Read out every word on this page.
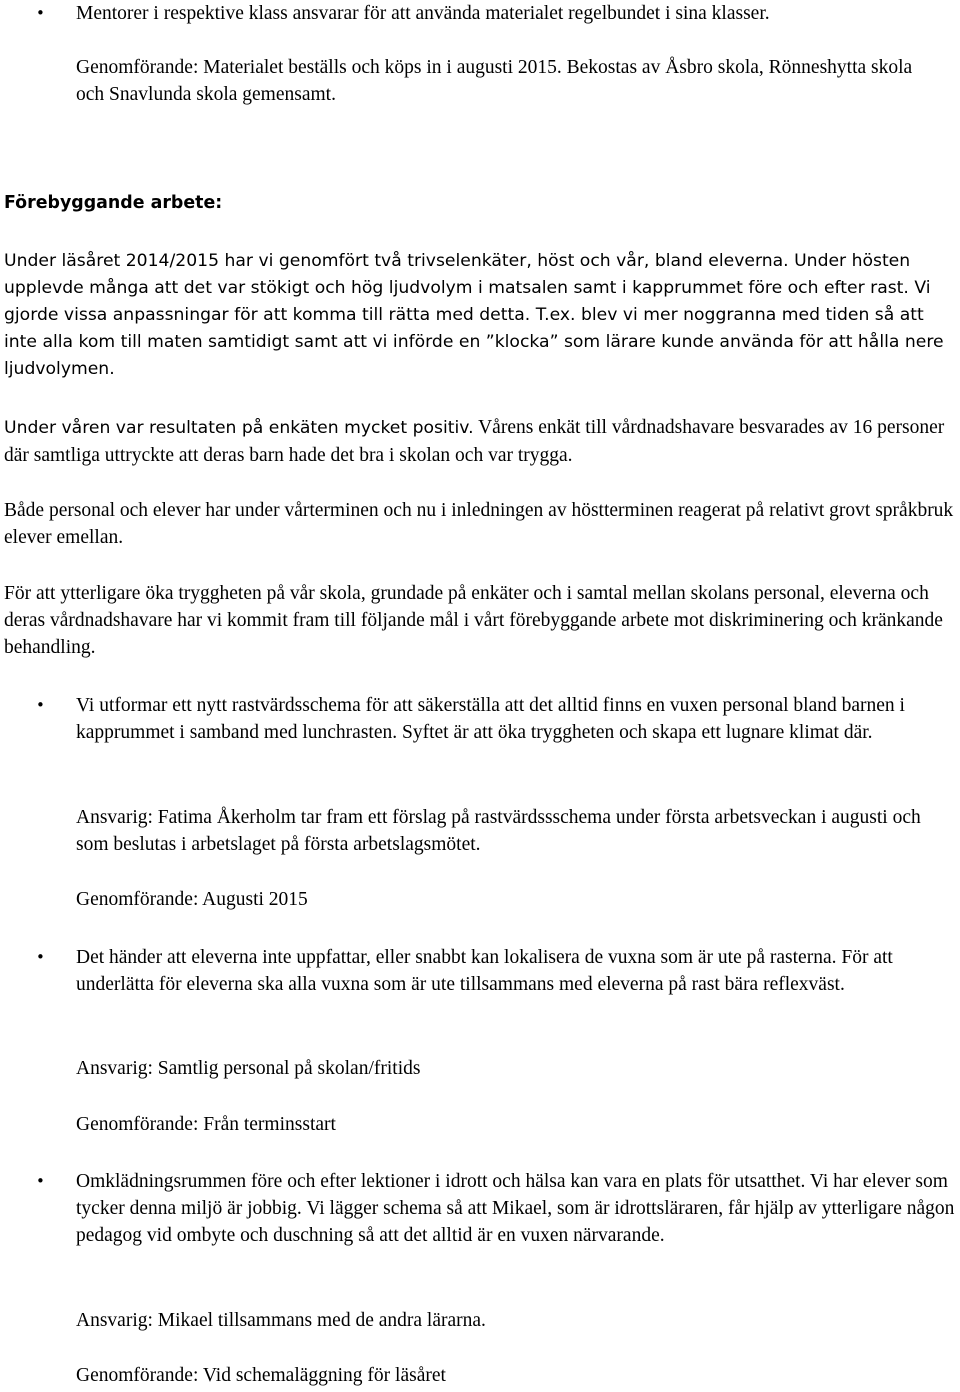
• Mentorer i respektive klass ansvarar för att använda materialet regelbundet i sina klasser.

Genomförande: Materialet beställs och köps in i augusti 2015. Bekostas av Åsbro skola, Rönneshytta skola och Snavlunda skola gemensamt.

Förebyggande arbete:

Under läsåret 2014/2015 har vi genomfört två trivselenkäter, höst och vår, bland eleverna. Under hösten upplevde många att det var stökigt och hög ljudvolym i matsalen samt i kapprummet före och efter rast. Vi gjorde vissa anpassningar för att komma till rätta med detta. T.ex. blev vi mer noggranna med tiden så att inte alla kom till maten samtidigt samt att vi införde en ”klocka” som lärare kunde använda för att hålla nere ljudvolymen.

Under våren var resultaten på enkäten mycket positiv. Vårens enkät till vårdnadshavare besvarades av 16 personer där samtliga uttryckte att deras barn hade det bra i skolan och var trygga.

Både personal och elever har under vårterminen och nu i inledningen av höstterminen reagerat på relativt grovt språkbruk elever emellan.

För att ytterligare öka tryggheten på vår skola, grundade på enkäter och i samtal mellan skolans personal, eleverna och deras vårdnadshavare har vi kommit fram till följande mål i vårt förebyggande arbete mot diskriminering och kränkande behandling.

• Vi utformar ett nytt rastvärdsschema för att säkerställa att det alltid finns en vuxen personal bland barnen i kapprummet i samband med lunchrasten. Syftet är att öka tryggheten och skapa ett lugnare klimat där.

Ansvarig: Fatima Åkerholm tar fram ett förslag på rastvärdssschema under första arbetsveckan i augusti och som beslutas i arbetslaget på första arbetslagsmötet.

Genomförande: Augusti 2015

• Det händer att eleverna inte uppfattar, eller snabbt kan lokalisera de vuxna som är ute på rasterna. För att underlätta för eleverna ska alla vuxna som är ute tillsammans med eleverna på rast bära reflexväst.

Ansvarig: Samtlig personal på skolan/fritids

Genomförande: Från terminsstart

• Omklädningsrummen före och efter lektioner i idrott och hälsa kan vara en plats för utsatthet. Vi har elever som tycker denna miljö är jobbig. Vi lägger schema så att Mikael, som är idrottsläraren, får hjälp av ytterligare någon pedagog vid ombyte och duschning så att det alltid är en vuxen närvarande.

Ansvarig: Mikael tillsammans med de andra lärarna.

Genomförande: Vid schemaläggning för läsåret
